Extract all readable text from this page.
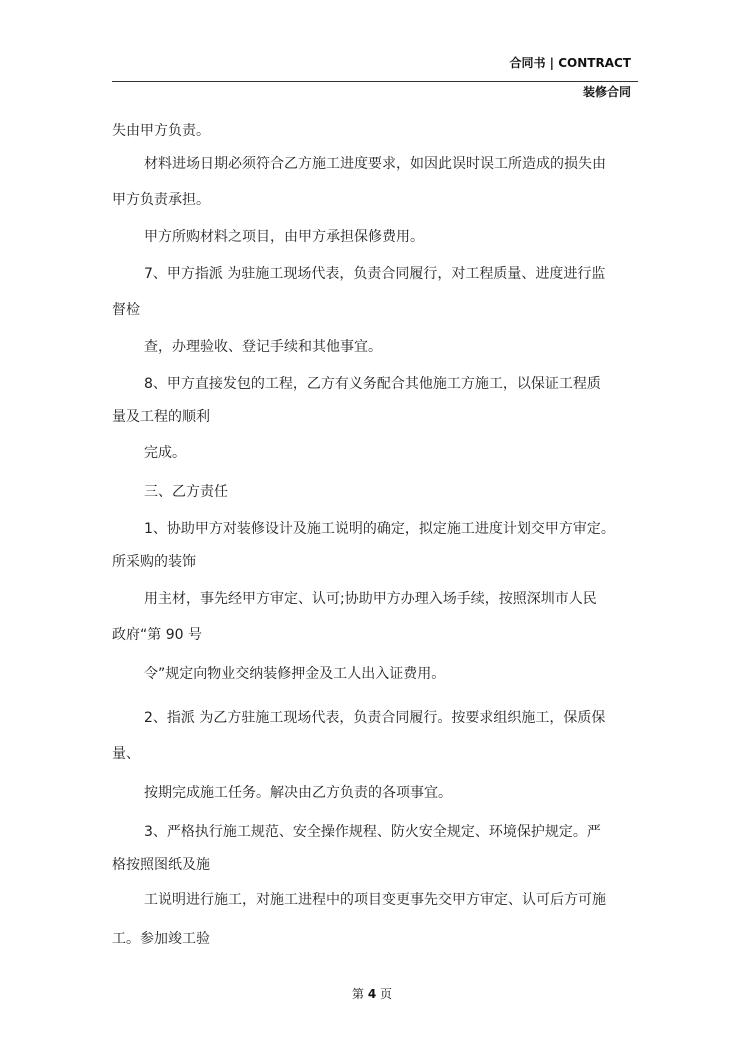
合同书 | CONTRACT
装修合同
失由甲方负责。
材料进场日期必须符合乙方施工进度要求，如因此误时误工所造成的损失由
甲方负责承担。
甲方所购材料之项目，由甲方承担保修费用。
7、甲方指派 为驻施工现场代表，负责合同履行，对工程质量、进度进行监
督检
查，办理验收、登记手续和其他事宜。
8、甲方直接发包的工程，乙方有义务配合其他施工方施工，以保证工程质
量及工程的顺利
完成。
三、乙方责任
1、协助甲方对装修设计及施工说明的确定，拟定施工进度计划交甲方审定。
所采购的装饰
用主材，事先经甲方审定、认可;协助甲方办理入场手续，按照深圳市人民
政府“第 90 号
令”规定向物业交纳装修押金及工人出入证费用。
2、指派 为乙方驻施工现场代表，负责合同履行。按要求组织施工，保质保
量、
按期完成施工任务。解决由乙方负责的各项事宜。
3、严格执行施工规范、安全操作规程、防火安全规定、环境保护规定。严
格按照图纸及施
工说明进行施工，对施工进程中的项目变更事先交甲方审定、认可后方可施
工。参加竣工验
第 4 页
